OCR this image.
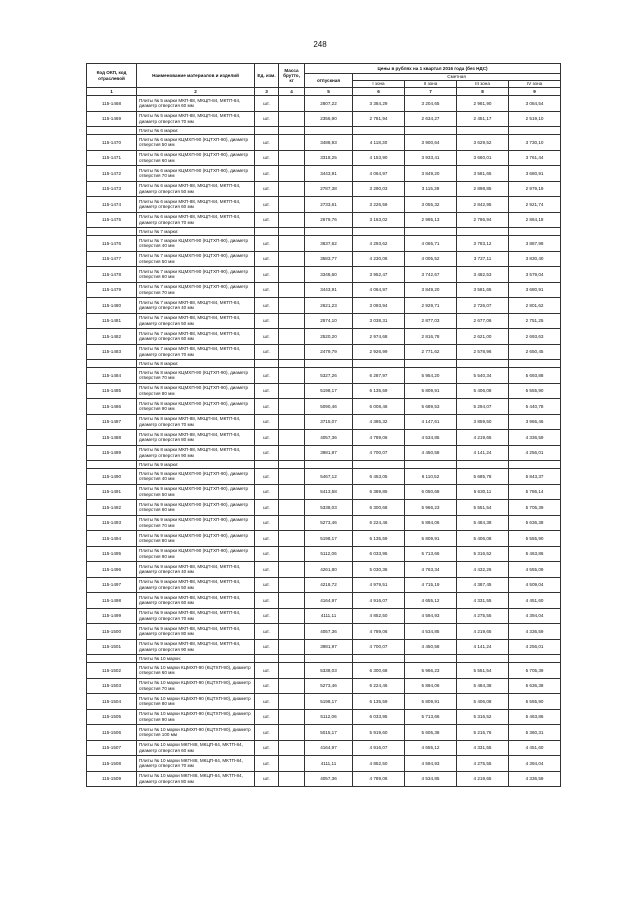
248
Код ОКП, код отраслевой	Наименование материалов и изделий	Ед. изм.	Масса брутто, кг	Цены в рублях на 1 квартал 2016 года (без НДС)				
				отпускная	Сметная			
					I зона	II зона	III зона	IV зона
1	2	3	4	5	6	7	8	9
115-1468	Плиты № 5 марки МКП-88, МКЦП-84, МКТП-84, диаметр отверстия 60 мм	шт.		2807,22	3 384,29	3 204,65	2 981,90	3 084,54
115-1469	Плиты № 5 марки МКП-88, МКЦП-84, МКТП-84, диаметр отверстия 70 мм	шт.		2356,90	2 781,94	2 634,27	2 451,17	2 519,10
	Плиты № 6 марки:							
115-1470	Плиты № 6 марки КЦМХП-90 (КЦТХП-90), диаметр отверстия 50 мм	шт.		3488,93	4 118,30	3 900,64	3 629,52	3 730,10
115-1471	Плиты № 6 марки КЦМХП-90 (КЦТХП-90), диаметр отверстия 60 мм	шт.		3318,25	4 153,90	3 933,41	3 660,01	3 761,44
115-1472	Плиты № 6 марки КЦМХП-90 (КЦТХП-90), диаметр отверстия 70 мм	шт.		3443,91	4 064,97	3 849,20	3 581,65	3 680,91
115-1473	Плиты № 6 марки МКП-88, МКЦП-84, МКТП-84, диаметр отверстия 50 мм	шт.		2787,38	3 290,03	3 115,39	2 898,85	2 979,19
115-1474	Плиты № 6 марки МКП-88, МКЦП-84, МКТП-84, диаметр отверстия 60 мм	шт.		2733,61	3 226,59	3 055,32	2 842,95	2 921,74
115-1475	Плиты № 6 марки МКП-88, МКЦП-84, МКТП-84, диаметр отверстия 70 мм	шт.		2679,76	3 163,02	2 995,13	2 786,94	2 864,18
	Плиты № 7 марки:							
115-1476	Плиты № 7 марки КЦМХП-90 (КЦТХП-90), диаметр отверстия 40 мм	шт.		3637,62	4 293,62	4 065,71	3 783,12	3 887,98
115-1477	Плиты № 7 марки КЦМХП-90 (КЦТХП-90), диаметр отверстия 50 мм	шт.		3583,77	4 230,06	4 005,52	3 727,11	3 830,40
115-1478	Плиты № 7 марки КЦМХП-90 (КЦТХП-90), диаметр отверстия 60 мм	шт.		3348,60	3 952,47	3 742,67	3 482,53	3 579,04
115-1479	Плиты № 7 марки КЦМХП-90 (КЦТХП-90), диаметр отверстия 70 мм	шт.		3443,91	4 064,97	3 849,20	3 581,65	3 680,91
115-1480	Плиты № 7 марки МКП-88, МКЦП-84, МКТП-84, диаметр отверстия 40 мм	шт.		2621,23	3 093,94	2 929,71	2 726,07	2 801,62
115-1481	Плиты № 7 марки МКП-88, МКЦП-84, МКТП-84, диаметр отверстия 50 мм	шт.		2574,10	3 038,31	2 877,03	2 677,06	2 751,25
115-1482	Плиты № 7 марки МКП-88, МКЦП-84, МКТП-84, диаметр отверстия 60 мм	шт.		2520,20	2 974,68	2 816,78	2 621,00	2 693,63
115-1483	Плиты № 7 марки МКП-88, МКЦП-84, МКТП-84, диаметр отверстия 70 мм	шт.		2479,79	2 926,99	2 771,62	2 578,96	2 650,45
	Плиты № 8 марки:							
115-1484	Плиты № 8 марки КЦМХП-90 (КЦТХП-90), диаметр отверстия 70 мм	шт.		5327,26	6 287,97	5 954,20	5 540,34	5 693,88
115-1485	Плиты № 8 марки КЦМХП-90 (КЦТХП-90), диаметр отверстия 80 мм	шт.		5198,17	6 135,59	5 809,91	5 406,08	5 555,90
115-1486	Плиты № 8 марки КЦМХП-90 (КЦТХП-90), диаметр отверстия 90 мм	шт.		5090,46	6 008,46	5 689,53	5 294,07	5 440,78
115-1487	Плиты № 8 марки МКП-88, МКЦП-84, МКТП-84, диаметр отверстия 70 мм	шт.		3715,07	4 385,32	4 147,61	3 859,50	3 966,46
115-1488	Плиты № 8 марки МКП-88, МКЦП-84, МКТП-84, диаметр отверстия 80 мм	шт.		4057,36	4 789,06	4 534,85	4 219,65	4 336,59
115-1489	Плиты № 8 марки МКП-88, МКЦП-84, МКТП-84, диаметр отверстия 90 мм	шт.		3981,97	4 700,07	4 450,58	4 141,24	4 256,01
	Плиты № 9 марки:							
115-1490	Плиты № 9 марки КЦМХП-90 (КЦТХП-90), диаметр отверстия 40 мм	шт.		5467,12	6 453,05	6 110,52	5 685,78	5 843,37
115-1491	Плиты № 9 марки КЦМХП-90 (КЦТХП-90), диаметр отверстия 50 мм	шт.		5413,58	6 389,85	6 050,68	5 630,11	5 786,14
115-1492	Плиты № 9 марки КЦМХП-90 (КЦТХП-90), диаметр отверстия 60 мм	шт.		5338,03	6 300,68	5 966,23	5 551,54	5 705,39
115-1493	Плиты № 9 марки КЦМХП-90 (КЦТХП-90), диаметр отверстия 70 мм	шт.		5273,46	6 224,46	5 894,06	5 484,38	5 636,38
115-1494	Плиты № 9 марки КЦМХП-90 (КЦТХП-90), диаметр отверстия 80 мм	шт.		5198,17	6 135,59	5 809,91	5 406,08	5 555,90
115-1495	Плиты № 9 марки КЦМХП-90 (КЦТХП-90), диаметр отверстия 90 мм	шт.		5112,06	6 033,95	5 713,66	5 316,52	5 463,86
115-1496	Плиты № 9 марки МКП-88, МКЦП-84, МКТП-84, диаметр отверстия 40 мм	шт.		4261,80	5 030,36	4 763,34	4 432,26	4 555,09
115-1497	Плиты № 9 марки МКП-88, МКЦП-84, МКТП-84, диаметр отверстия 50 мм	шт.		4218,72	4 979,51	4 715,19	4 387,45	4 509,04
115-1498	Плиты № 9 марки МКП-88, МКЦП-84, МКТП-84, диаметр отверстия 60 мм	шт.		4164,97	4 916,07	4 655,12	4 331,55	4 451,60
115-1499	Плиты № 9 марки МКП-88, МКЦП-84, МКТП-84, диаметр отверстия 70 мм	шт.		4111,11	4 852,50	4 594,93	4 275,55	4 394,04
115-1500	Плиты № 9 марки МКП-88, МКЦП-84, МКТП-84, диаметр отверстия 80 мм	шт.		4057,36	4 789,06	4 534,85	4 219,65	4 336,59
115-1501	Плиты № 9 марки МКП-88, МКЦП-84, МКТП-84, диаметр отверстия 90 мм	шт.		3981,97	4 700,07	4 450,58	4 141,24	4 256,01
	Плиты № 10 марки:							
115-1502	Плиты № 10 марки КЦМХП-90 (КЦТХП-90), диаметр отверстия 60 мм	шт.		5338,03	6 300,68	5 966,23	5 551,54	5 705,39
115-1503	Плиты № 10 марки КЦМХП-90 (КЦТХП-90), диаметр отверстия 70 мм	шт.		5273,46	6 224,46	5 894,06	5 484,38	5 636,38
115-1504	Плиты № 10 марки КЦМХП-90 (КЦТХП-90), диаметр отверстия 80 мм	шт.		5198,17	6 135,59	5 809,91	5 406,08	5 555,90
115-1505	Плиты № 10 марки КЦМХП-90 (КЦТХП-90), диаметр отверстия 90 мм	шт.		5112,06	6 033,95	5 713,66	5 316,52	5 463,86
115-1506	Плиты № 10 марки КЦМХП-90 (КЦТХП-90), диаметр отверстия 100 мм	шт.		5015,17	5 919,60	5 605,38	5 215,76	5 360,31
115-1507	Плиты № 10 марки МКП-88, МКЦП-84, МКТП-84, диаметр отверстия 60 мм	шт.		4164,97	4 916,07	4 655,12	4 331,55	4 451,60
115-1508	Плиты № 10 марки МКП-88, МКЦП-84, МКТП-84, диаметр отверстия 70 мм	шт.		4111,11	4 852,50	4 594,93	4 275,55	4 394,04
115-1509	Плиты № 10 марки МКП-88, МКЦП-84, МКТП-84, диаметр отверстия 80 мм	шт.		4057,36	4 789,06	4 534,85	4 219,65	4 336,59
